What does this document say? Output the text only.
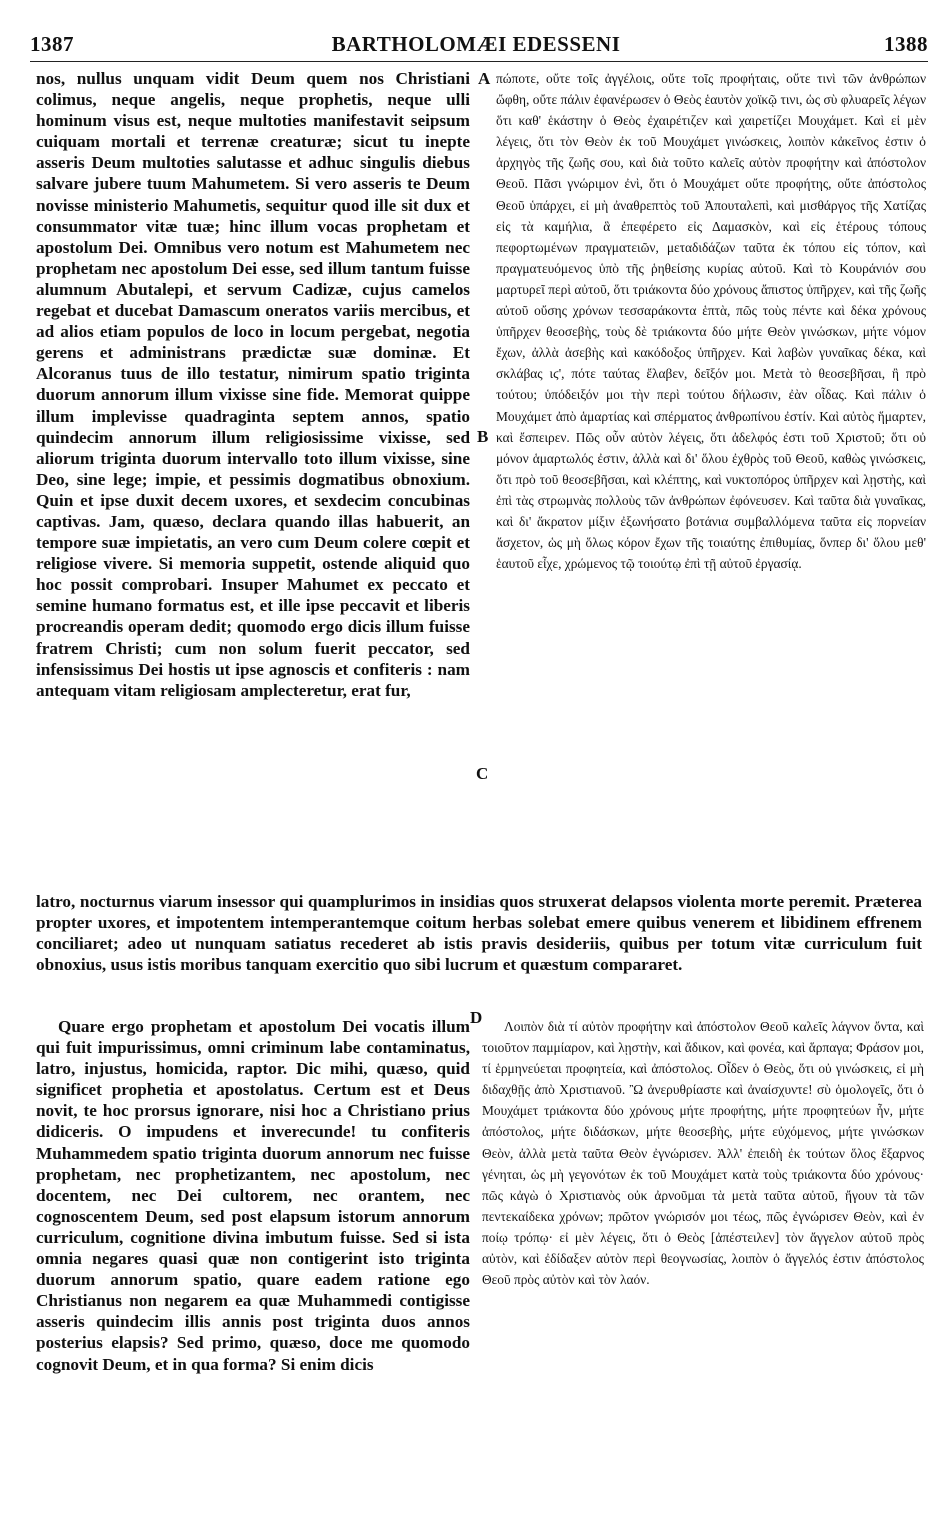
1387	BARTHOLOMÆI EDESSENI	1388

nos, nullus unquam vidit Deum quem nos Christiani colimus, neque angelis, neque prophetis, neque ulli hominum visus est, neque multoties manifestavit seipsum cuiquam mortali et terrenæ creaturæ; sicut tu inepte asseris Deum multoties salutasse et adhuc singulis diebus salvare jubere tuum Mahumetem. Si vero asseris te Deum novisse ministerio Mahumetis, sequitur quod ille sit dux et consummator vitæ tuæ; hinc illum vocas prophetam et apostolum Dei. Omnibus vero notum est Mahumetem nec prophetam nec apostolum Dei esse, sed illum tantum fuisse alumnum Abutalepi, et servum Cadizæ, cujus camelos regebat et ducebat Damascum oneratos variis mercibus, et ad alios etiam populos de loco in locum pergebat, negotia gerens et administrans prædictæ suæ dominæ. Et Alcoranus tuus de illo testatur, nimirum spatio triginta duorum annorum illum vixisse sine fide. Memorat quippe illum implevisse quadraginta septem annos, spatio quindecim annorum illum religiosissime vixisse, sed aliorum triginta duorum intervallo toto illum vixisse, sine Deo, sine lege; impie, et pessimis dogmatibus obnoxium. Quin et ipse duxit decem uxores, et sexdecim concubinas captivas. Jam, quæso, declara quando illas habuerit, an tempore suæ impietatis, an vero cum Deum colere cœpit et religiose vivere. Si memoria suppetit, ostende aliquid quo hoc possit comprobari. Insuper Mahumet ex peccato et semine humano formatus est, et ille ipse peccavit et liberis procreandis operam dedit; quomodo ergo dicis illum fuisse fratrem Christi; cum non solum fuerit peccator, sed infensissimus Dei hostis ut ipse agnoscis et confiteris : nam antequam vitam religiosam amplecteretur, erat fur,

πώποτε, οὔτε τοῖς ἀγγέλοις, οὔτε τοῖς προφήταις, οὔτε τινὶ τῶν ἀνθρώπων ὤφθη, οὔτε πάλιν ἐφανέρωσεν ὁ Θεὸς ἑαυτὸν χοϊκῷ τινι, ὡς σὺ φλυαρεῖς λέγων ὅτι καθ' ἑκάστην ὁ Θεὸς ἐχαιρέτιζεν καὶ χαιρετίζει Μουχάμετ. Καὶ εἰ μὲν λέγεις, ὅτι τὸν Θεὸν ἐκ τοῦ Μουχάμετ γινώσκεις, λοιπὸν κἀκεῖνος ἐστιν ὁ ἀρχηγὸς τῆς ζωῆς σου, καὶ διὰ τοῦτο καλεῖς αὐτὸν προφήτην καὶ ἀπόστολον Θεοῦ. Πᾶσι γνώριμον ἐνὶ, ὅτι ὁ Μουχάμετ οὔτε προφήτης, οὔτε ἀπόστολος Θεοῦ ὑπάρχει, εἰ μὴ ἀναθρεπτὸς τοῦ Ἀπουταλεπὶ, καὶ μισθάργος τῆς Χατίζας εἰς τὰ καμήλια, ἃ ἐπεφέρετο εἰς Δαμασκὸν, καὶ εἰς ἑτέρους τόπους πεφορτωμένων πραγματειῶν, μεταδιδάζων ταῦτα ἐκ τόπου εἰς τόπον, καὶ πραγματευόμενος ὑπὸ τῆς ῥηθείσης κυρίας αὐτοῦ. Καὶ τὸ Κουράνιόν σου μαρτυρεῖ περὶ αὐτοῦ, ὅτι τριάκοντα δύο χρόνους ἄπιστος ὑπῆρχεν, καὶ τῆς ζωῆς αὐτοῦ οὔσης χρόνων τεσσαράκοντα ἑπτὰ, πῶς τοὺς πέντε καὶ δέκα χρόνους ὑπῆρχεν θεοσεβὴς, τοὺς δὲ τριάκοντα δύο μήτε Θεὸν γινώσκων, μήτε νόμον ἔχων, ἀλλὰ ἀσεβὴς καὶ κακόδοξος ὑπῆρχεν. Καὶ λαβὼν γυναῖκας δέκα, καὶ σκλάβας ιϛ', πότε ταύτας ἔλαβεν, δεῖξόν μοι. Μετὰ τὸ θεοσεβῆσαι, ἢ πρὸ τούτου; ὑπόδειξόν μοι τὴν περὶ τούτου δήλωσιν, ἐὰν οἶδας. Καὶ πάλιν ὁ Μουχάμετ ἀπὸ ἁμαρτίας καὶ σπέρματος ἀνθρωπίνου ἐστίν. Καὶ αὐτὸς ἥμαρτεν, καὶ ἔσπειρεν. Πῶς οὖν αὐτὸν λέγεις, ὅτι ἀδελφός ἐστι τοῦ Χριστοῦ; ὅτι οὐ μόνον ἁμαρτωλός ἐστιν, ἀλλὰ καὶ δι' ὅλου ἐχθρὸς τοῦ Θεοῦ, καθὼς γινώσκεις, ὅτι πρὸ τοῦ θεοσεβῆσαι, καὶ κλέπτης, καὶ νυκτοπόρος ὑπῆρχεν καὶ λῃστὴς, καὶ ἐπὶ τὰς στρωμνὰς πολλοὺς τῶν ἀνθρώπων ἐφόνευσεν. Καὶ ταῦτα διὰ γυναῖκας, καὶ δι' ἄκρατον μίξιν ἐξωνήσατο βοτάνια συμβαλλόμενα ταῦτα εἰς πορνείαν ἄσχετον, ὡς μὴ ὅλως κόρον ἔχων τῆς τοιαύτης ἐπιθυμίας, ὅνπερ δι' ὅλου μεθ' ἑαυτοῦ εἶχε, χρώμενος τῷ τοιούτῳ ἐπὶ τῇ αὐτοῦ ἐργασίᾳ.

A
B
C
D

latro, nocturnus viarum insessor qui quamplurimos in insidias quos struxerat delapsos violenta morte peremit. Præterea propter uxores, et impotentem intemperantemque coitum herbas solebat emere quibus venerem et libidinem effrenem conciliaret; adeo ut nunquam satiatus recederet ab istis pravis desideriis, quibus per totum vitæ curriculum fuit obnoxius, usus istis moribus tanquam exercitio quo sibi lucrum et quæstum compararet.

Quare ergo prophetam et apostolum Dei vocatis illum qui fuit impurissimus, omni criminum labe contaminatus, latro, injustus, homicida, raptor. Dic mihi, quæso, quid significet prophetia et apostolatus. Certum est et Deus novit, te hoc prorsus ignorare, nisi hoc a Christiano prius didiceris. O impudens et inverecunde! tu confiteris Muhammedem spatio triginta duorum annorum nec fuisse prophetam, nec prophetizantem, nec apostolum, nec docentem, nec Dei cultorem, nec orantem, nec cognoscentem Deum, sed post elapsum istorum annorum curriculum, cognitione divina imbutum fuisse. Sed si ista omnia negares quasi quæ non contigerint isto triginta duorum annorum spatio, quare eadem ratione ego Christianus non negarem ea quæ Muhammedi contigisse asseris quindecim illis annis post triginta duos annos posterius elapsis? Sed primo, quæso, doce me quomodo cognovit Deum, et in qua forma? Si enim dicis

Λοιπὸν διὰ τί αὐτὸν προφήτην καὶ ἀπόστολον Θεοῦ καλεῖς λάγνον ὄντα, καὶ τοιοῦτον παμμίαρον, καὶ λῃστὴν, καὶ ἄδικον, καὶ φονέα, καὶ ἅρπαγα; Φράσον μοι, τί ἑρμηνεύεται προφητεία, καὶ ἀπόστολος. Οἶδεν ὁ Θεὸς, ὅτι οὐ γινώσκεις, εἰ μὴ διδαχθῇς ἀπὸ Χριστιανοῦ. Ὢ ἀνερυθρίαστε καὶ ἀναίσχυντε! σὺ ὁμολογεῖς, ὅτι ὁ Μουχάμετ τριάκοντα δύο χρόνους μήτε προφήτης, μήτε προφητεύων ἦν, μήτε ἀπόστολος, μήτε διδάσκων, μήτε θεοσεβὴς, μήτε εὐχόμενος, μήτε γινώσκων Θεὸν, ἀλλὰ μετὰ ταῦτα Θεὸν ἐγνώρισεν. Ἀλλ' ἐπειδὴ ἐκ τούτων ὅλος ἔξαρνος γένηται, ὡς μὴ γεγονότων ἐκ τοῦ Μουχάμετ κατὰ τοὺς τριάκοντα δύο χρόνους· πῶς κἀγὼ ὁ Χριστιανὸς οὐκ ἀρνοῦμαι τὰ μετὰ ταῦτα αὐτοῦ, ἤγουν τὰ τῶν πεντεκαίδεκα χρόνων; πρῶτον γνώρισόν μοι τέως, πῶς ἐγνώρισεν Θεὸν, καὶ ἐν ποίῳ τρόπῳ· εἰ μὲν λέγεις, ὅτι ὁ Θεὸς [ἀπέστειλεν] τὸν ἄγγελον αὐτοῦ πρὸς αὐτὸν, καὶ ἐδίδαξεν αὐτὸν περὶ θεογνωσίας, λοιπὸν ὁ ἄγγελός ἐστιν ἀπόστολος Θεοῦ πρὸς αὐτὸν καὶ τὸν λαόν.
